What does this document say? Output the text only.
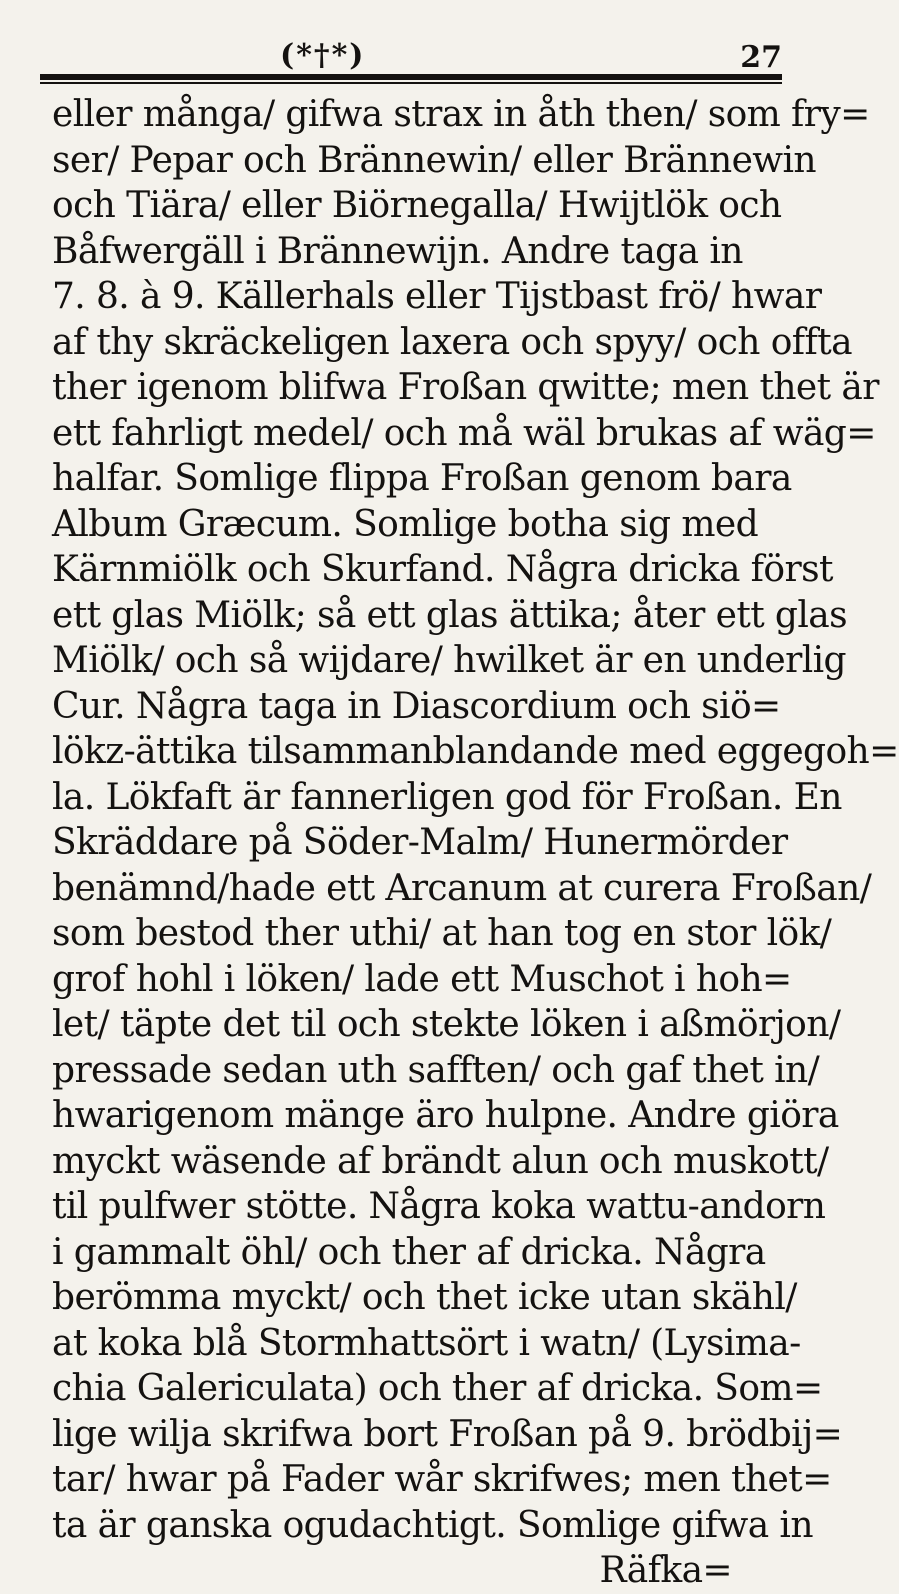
(*†*)	27
eller många/ gifwa straх in åth then/ som fry=
ser/ Pepar och Brännewin/ eller Brännewin
och Tiära/ eller Biörnegalla/ Hwijtlök och
Båfwergäll i Brännewijn. Andre taga in
7. 8. à 9. Källerhals eller Tijstbast frö/ hwar
af thy skräckeligen laxera och spyy/ och offta
ther igenom blifwa Froßan qwitte; men thet är
ett fahrligt medel/ och må wäl brukas af wäg=
halfar. Somlige flippa Froßan genom bara
Album Græcum. Somlige botha sig med
Kärnmiölk och Skurfand. Några dricka först
ett glas Miölk; så ett glas ättika; åter ett glas
Miölk/ och så wijdare/ hwilket är en underlig
Cur. Några taga in Diascordium och siö=
lökz-ättika tilsammanblandande med eggegoh=
la. Lökfaft är fannerligen god för Froßan. En
Skräddare på Söder-Malm/ Hunermörder
benämnd/hade ett Arcanum at curera Froßan/
som bestod ther uthi/ at han tog en stor lök/
grof hohl i löken/ lade ett Muschot i hoh=
let/ täpte det til och stekte löken i aßmörjon/
pressade sedan uth safften/ och gaf thet in/
hwarigenom mänge äro hulpne. Andre giöra
myckt wäsende af brändt alun och muskott/
til pulfwer stötte. Några koka wattu-andorn
i gammalt öhl/ och ther af dricka. Några
berömma myckt/ och thet icke utan skähl/
at koka blå Stormhattsört i watn/ (Lysima-
chia Galericulata) och ther af dricka. Som=
lige wilja skrifwa bort Froßan på 9. brödbij=
tar/ hwar på Fader wår skrifwes; men thet=
ta är ganska ogudachtigt. Somlige gifwa in
Räfka=
